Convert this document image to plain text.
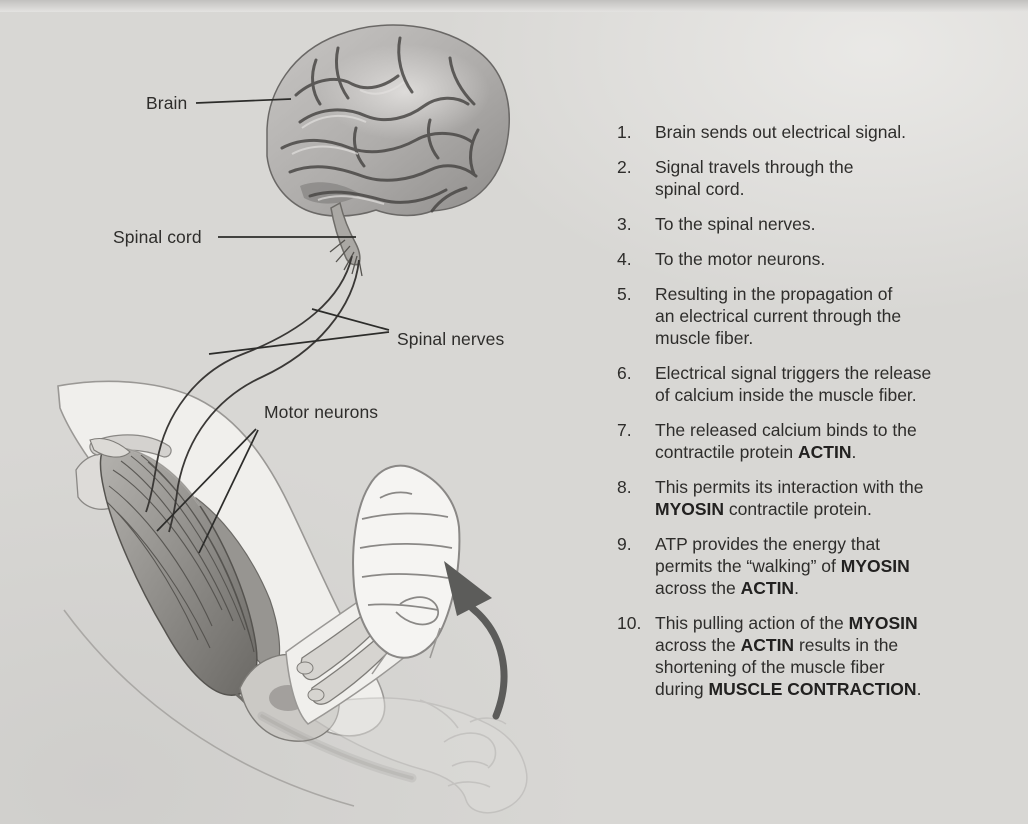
Brain
Spinal cord
Spinal nerves
Motor neurons
1.	Brain sends out electrical signal.
2.	Signal travels through the
spinal cord.
3.	To the spinal nerves.
4.	To the motor neurons.
5.	Resulting in the propagation of
an electrical current through the
muscle fiber.
6.	Electrical signal triggers the release
of calcium inside the muscle fiber.
7.	The released calcium binds to the
contractile protein ACTIN.
8.	This permits its interaction with the
MYOSIN contractile protein.
9.	ATP provides the energy that
permits the “walking” of MYOSIN
across the ACTIN.
10. This pulling action of the MYOSIN
across the ACTIN results in the
shortening of the muscle fiber
during MUSCLE CONTRACTION.
